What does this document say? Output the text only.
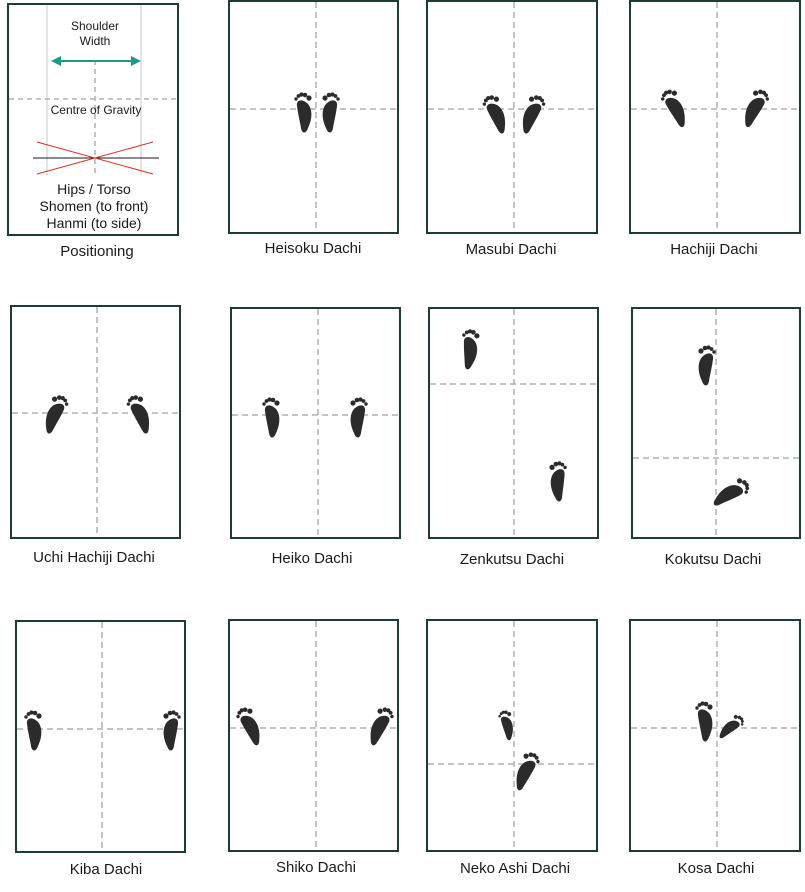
Shoulder
Width
Centre of Gravity
Hips / Torso
Shomen (to front)
Hanmi (to side)
Positioning	Heisoku Dachi	Masubi Dachi	Hachiji Dachi
Uchi Hachiji Dachi	Heiko Dachi	Zenkutsu Dachi	Kokutsu Dachi
Kiba Dachi	Shiko Dachi	Neko Ashi Dachi	Kosa Dachi
